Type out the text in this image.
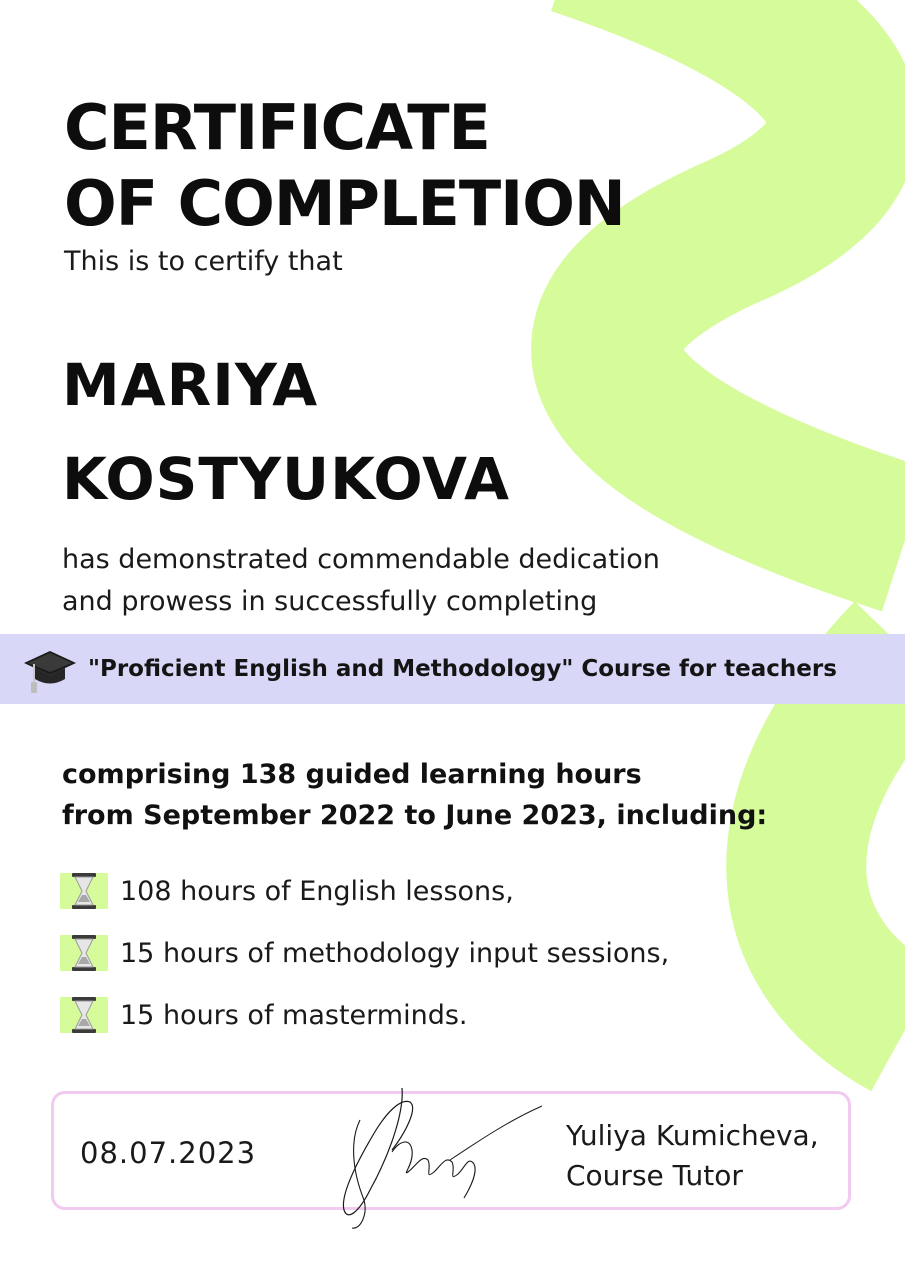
CERTIFICATE
OF COMPLETION
This is to certify that
MARIYA
KOSTYUKOVA
has demonstrated commendable dedication
and prowess in successfully completing
"Proficient English and Methodology" Course for teachers
comprising 138 guided learning hours
from September 2022 to June 2023, including:
108 hours of English lessons,
15 hours of methodology input sessions,
15 hours of masterminds.
08.07.2023
Yuliya Kumicheva,
Course Tutor
